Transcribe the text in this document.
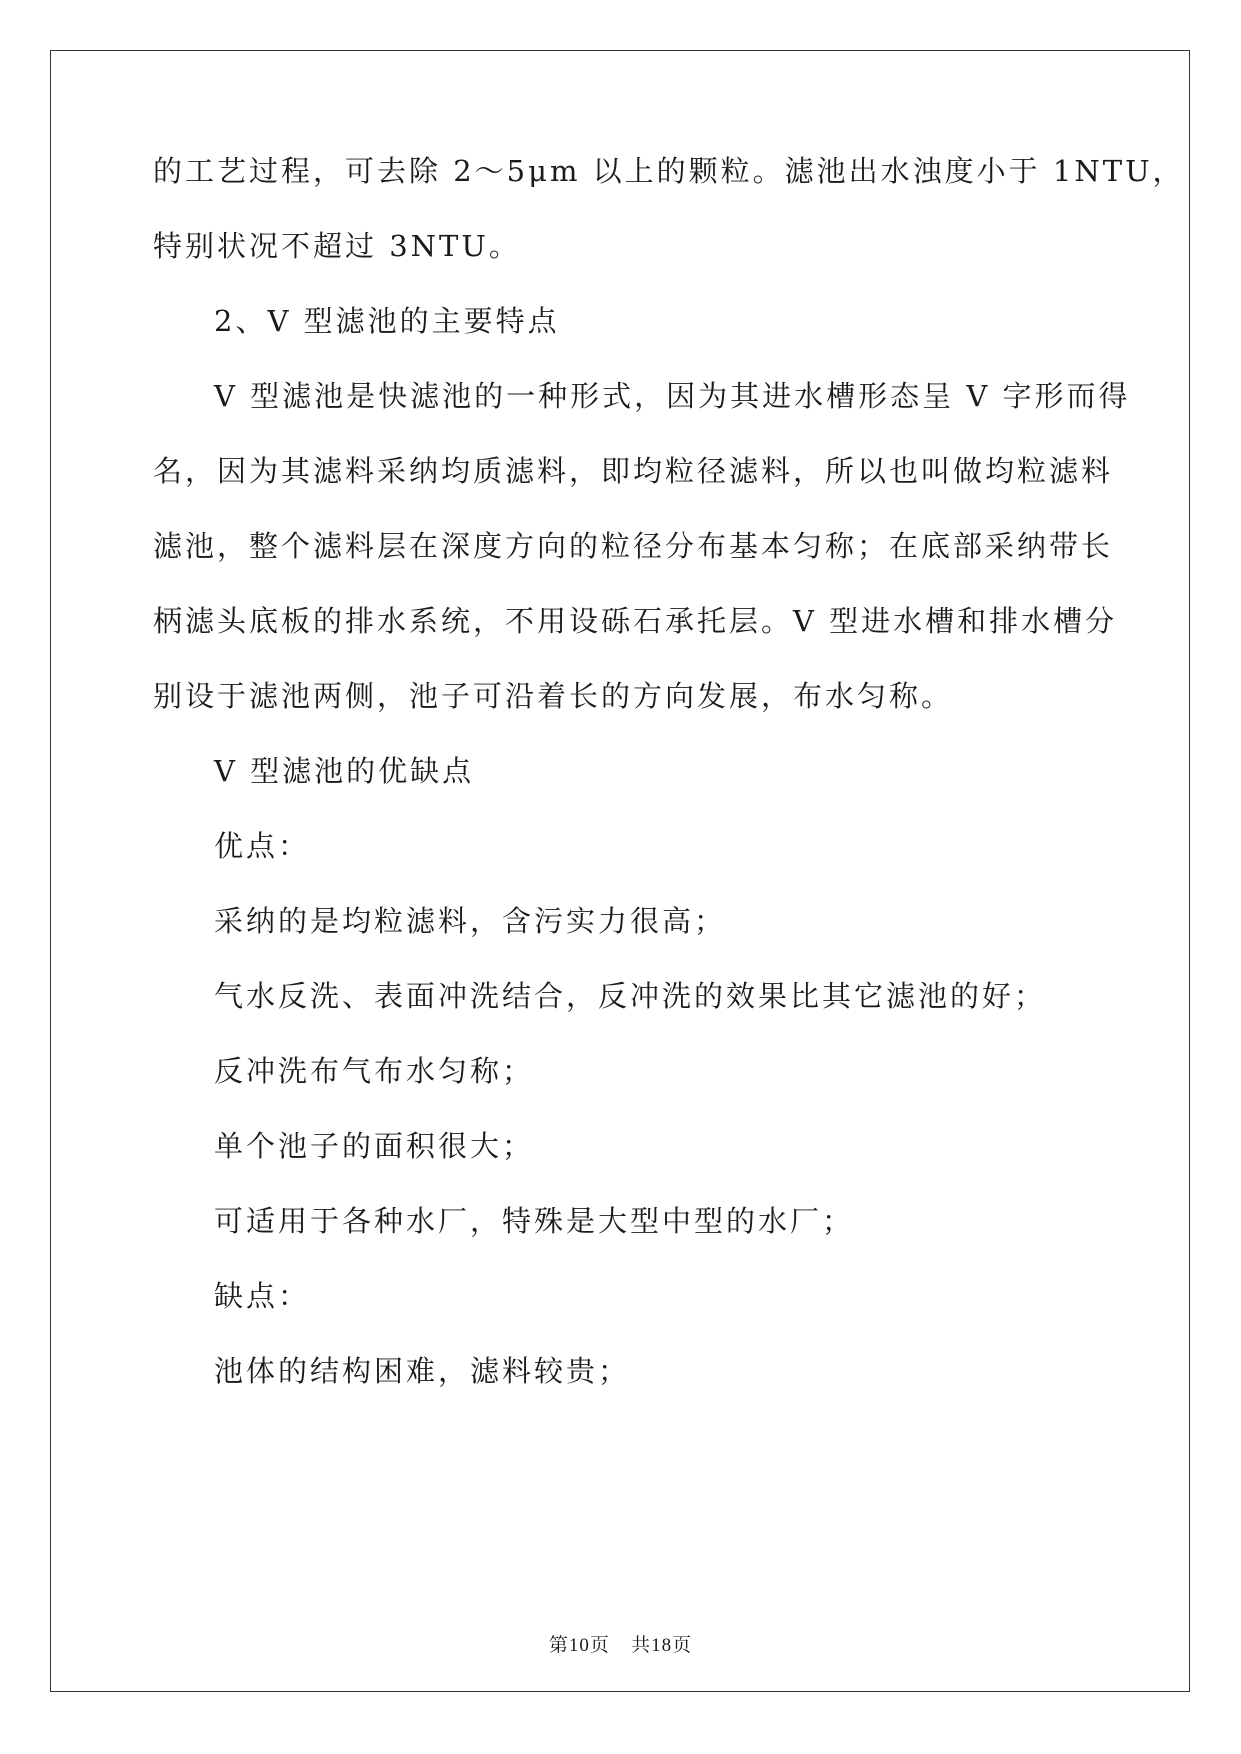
的工艺过程，可去除 2～5μm 以上的颗粒。滤池出水浊度小于 1NTU，
特别状况不超过 3NTU。
2、V 型滤池的主要特点
V 型滤池是快滤池的一种形式，因为其进水槽形态呈 V 字形而得
名，因为其滤料采纳均质滤料，即均粒径滤料，所以也叫做均粒滤料
滤池，整个滤料层在深度方向的粒径分布基本匀称；在底部采纳带长
柄滤头底板的排水系统，不用设砾石承托层。V 型进水槽和排水槽分
别设于滤池两侧，池子可沿着长的方向发展，布水匀称。
V 型滤池的优缺点
优点：
采纳的是均粒滤料，含污实力很高；
气水反洗、表面冲洗结合，反冲洗的效果比其它滤池的好；
反冲洗布气布水匀称；
单个池子的面积很大；
可适用于各种水厂，特殊是大型中型的水厂；
缺点：
池体的结构困难，滤料较贵；
第10页 共18页
